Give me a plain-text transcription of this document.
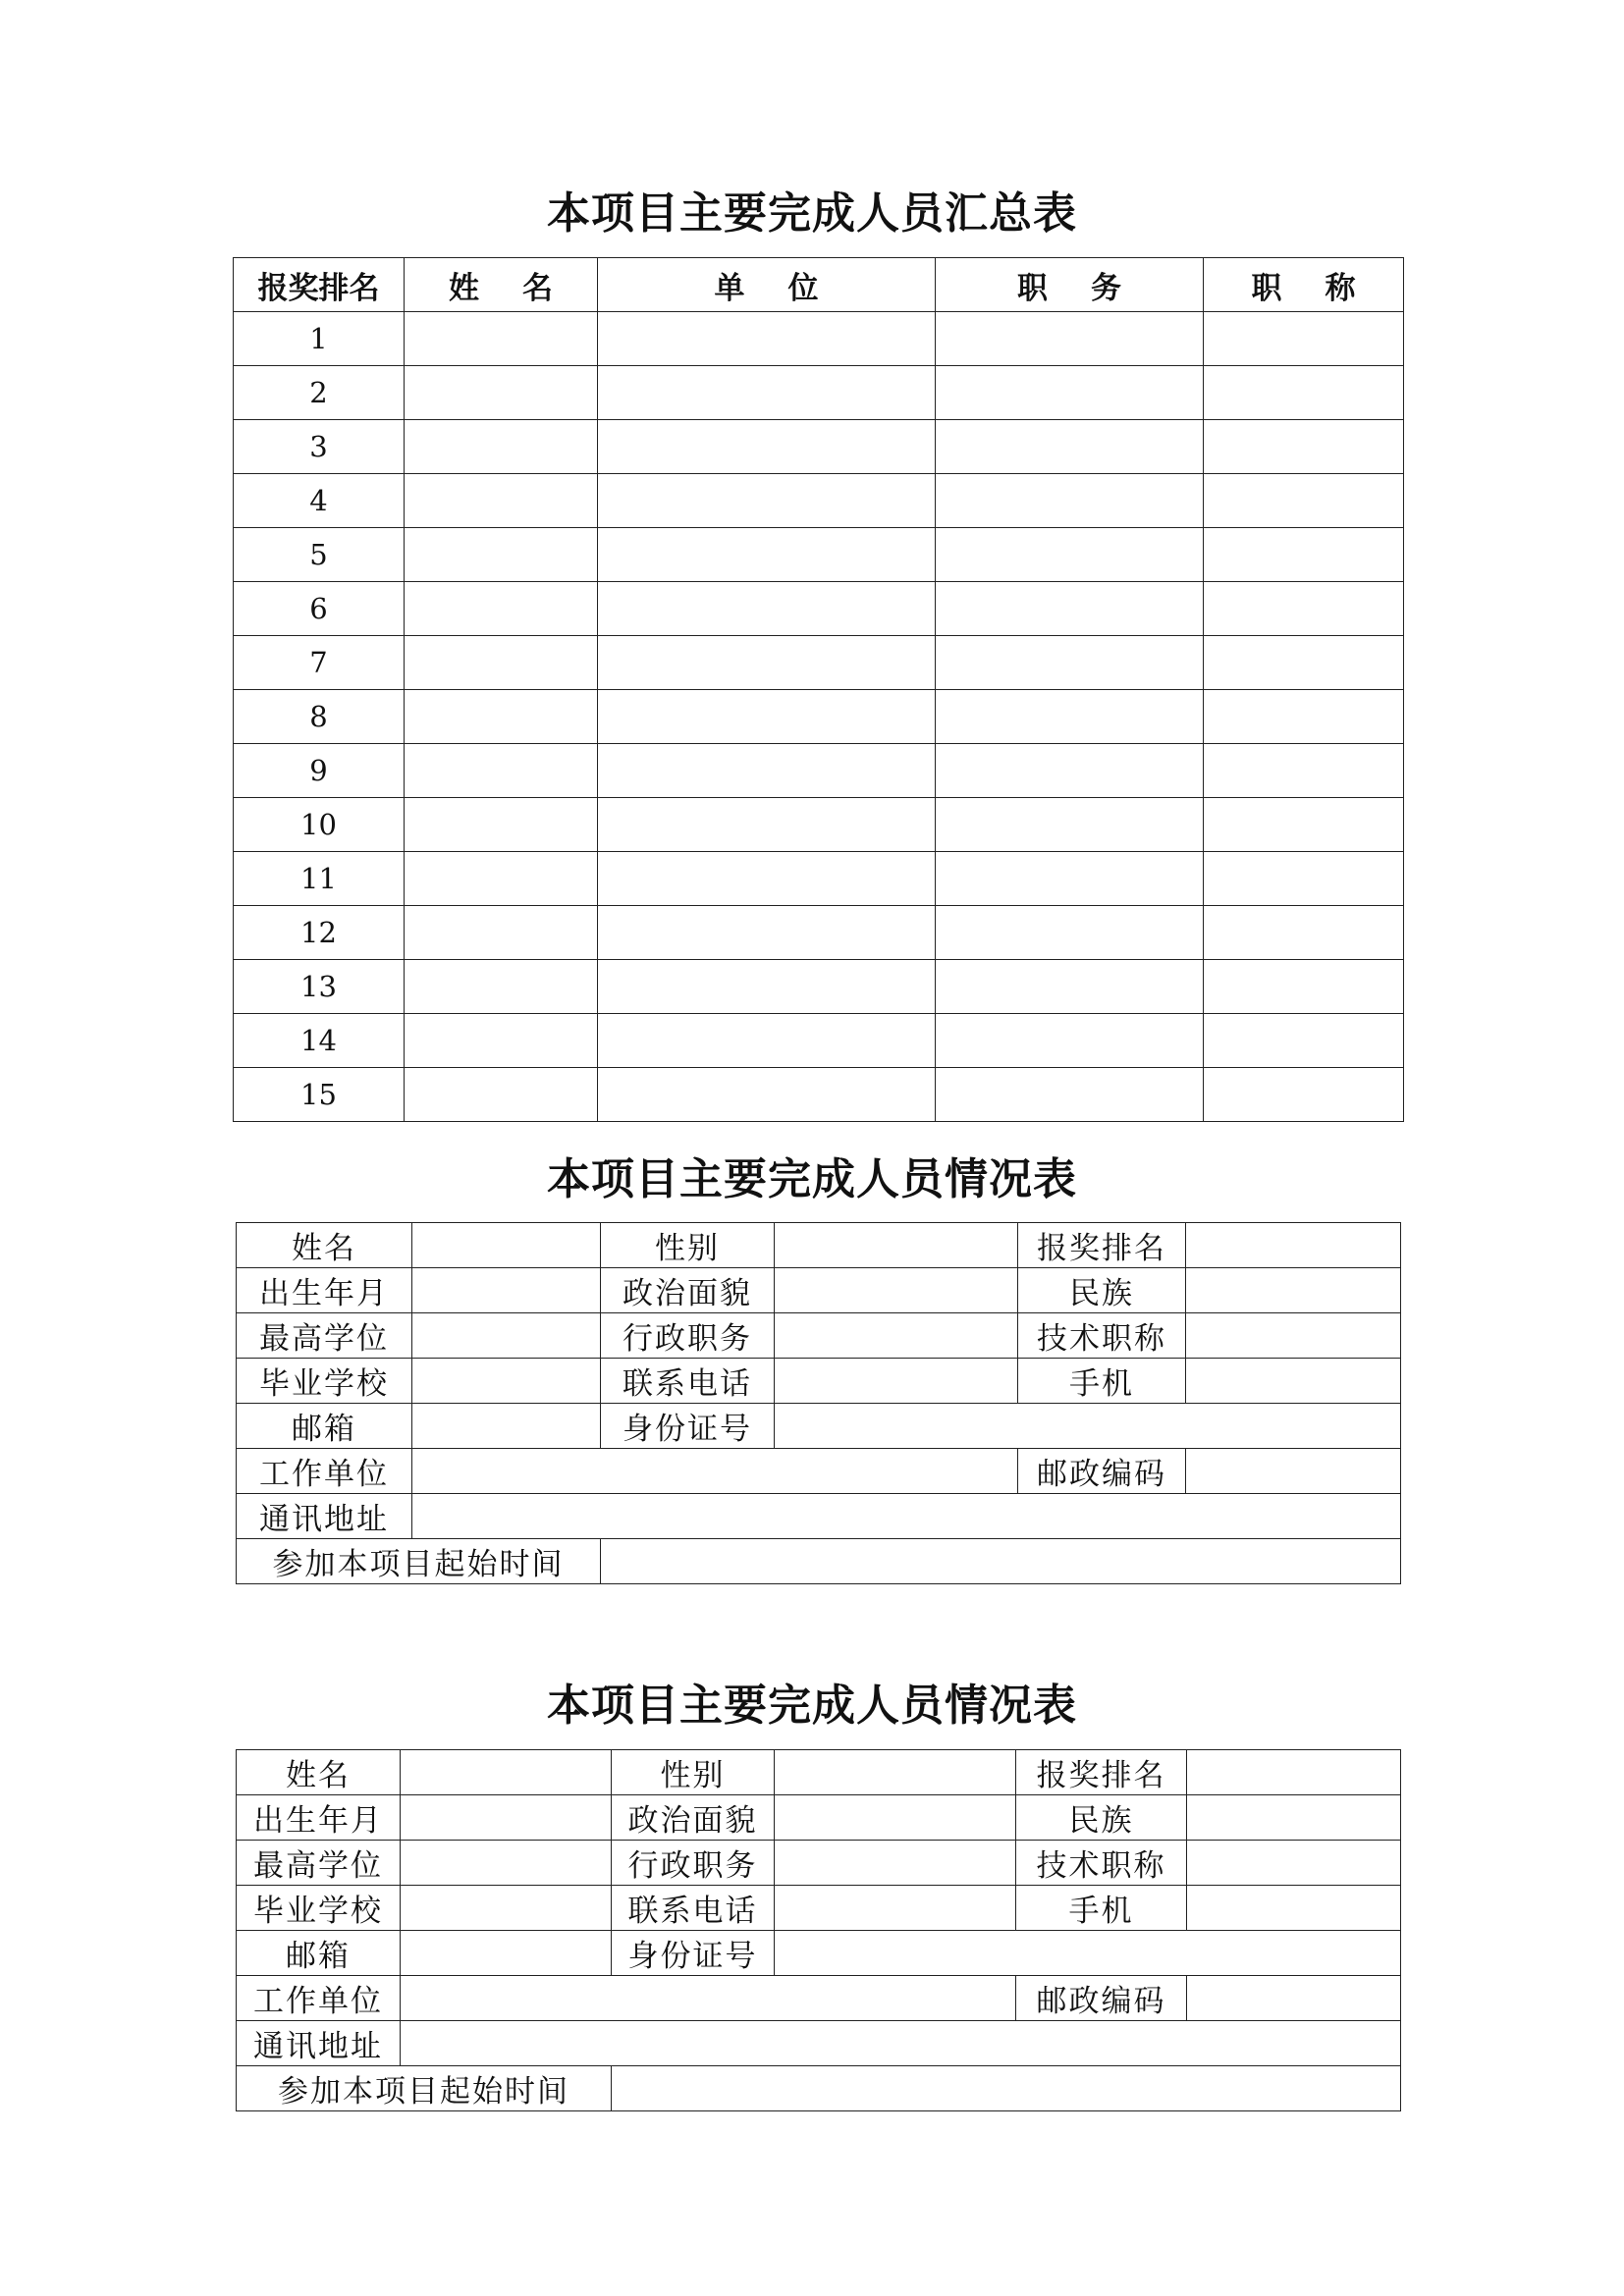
本项目主要完成人员汇总表
报奖排名	姓名	单位	职务	职称
1				
2				
3				
4				
5				
6				
7				
8				
9				
10				
11				
12				
13				
14				
15				
本项目主要完成人员情况表
姓名		性别		报奖排名	
出生年月		政治面貌		民族	
最高学位		行政职务		技术职称	
毕业学校		联系电话		手机	
邮箱		身份证号			
工作单位				邮政编码	
通讯地址					
参加本项目起始时间					
本项目主要完成人员情况表
姓名		性别		报奖排名	
出生年月		政治面貌		民族	
最高学位		行政职务		技术职称	
毕业学校		联系电话		手机	
邮箱		身份证号			
工作单位				邮政编码	
通讯地址					
参加本项目起始时间					
